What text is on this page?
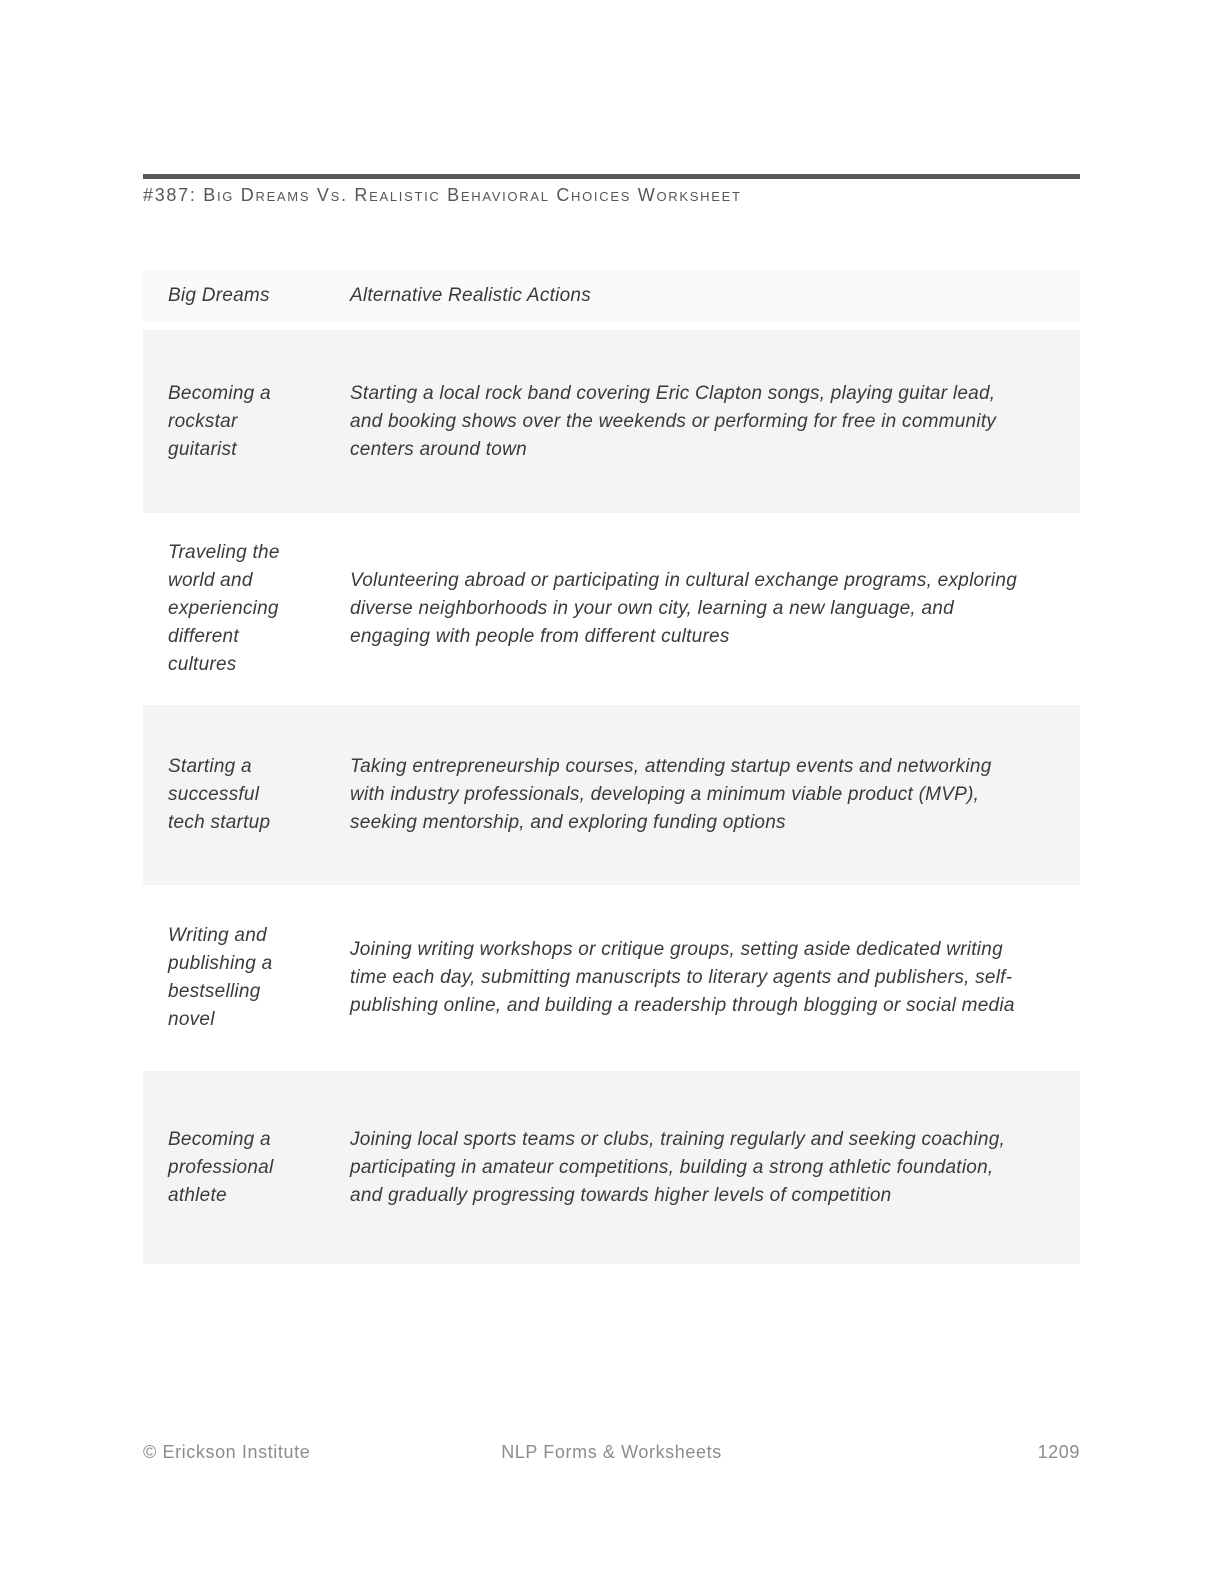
#387: Big Dreams Vs. Realistic Behavioral Choices Worksheet
Big Dreams	Alternative Realistic Actions
Becoming a rockstar guitarist	Starting a local rock band covering Eric Clapton songs, playing guitar lead, and booking shows over the weekends or performing for free in community centers around town
Traveling the world and experiencing different cultures	Volunteering abroad or participating in cultural exchange programs, exploring diverse neighborhoods in your own city, learning a new language, and engaging with people from different cultures
Starting a successful tech startup	Taking entrepreneurship courses, attending startup events and networking with industry professionals, developing a minimum viable product (MVP), seeking mentorship, and exploring funding options
Writing and publishing a bestselling novel	Joining writing workshops or critique groups, setting aside dedicated writing time each day, submitting manuscripts to literary agents and publishers, self-publishing online, and building a readership through blogging or social media
Becoming a professional athlete	Joining local sports teams or clubs, training regularly and seeking coaching, participating in amateur competitions, building a strong athletic foundation, and gradually progressing towards higher levels of competition
© Erickson Institute	NLP Forms & Worksheets	1209
